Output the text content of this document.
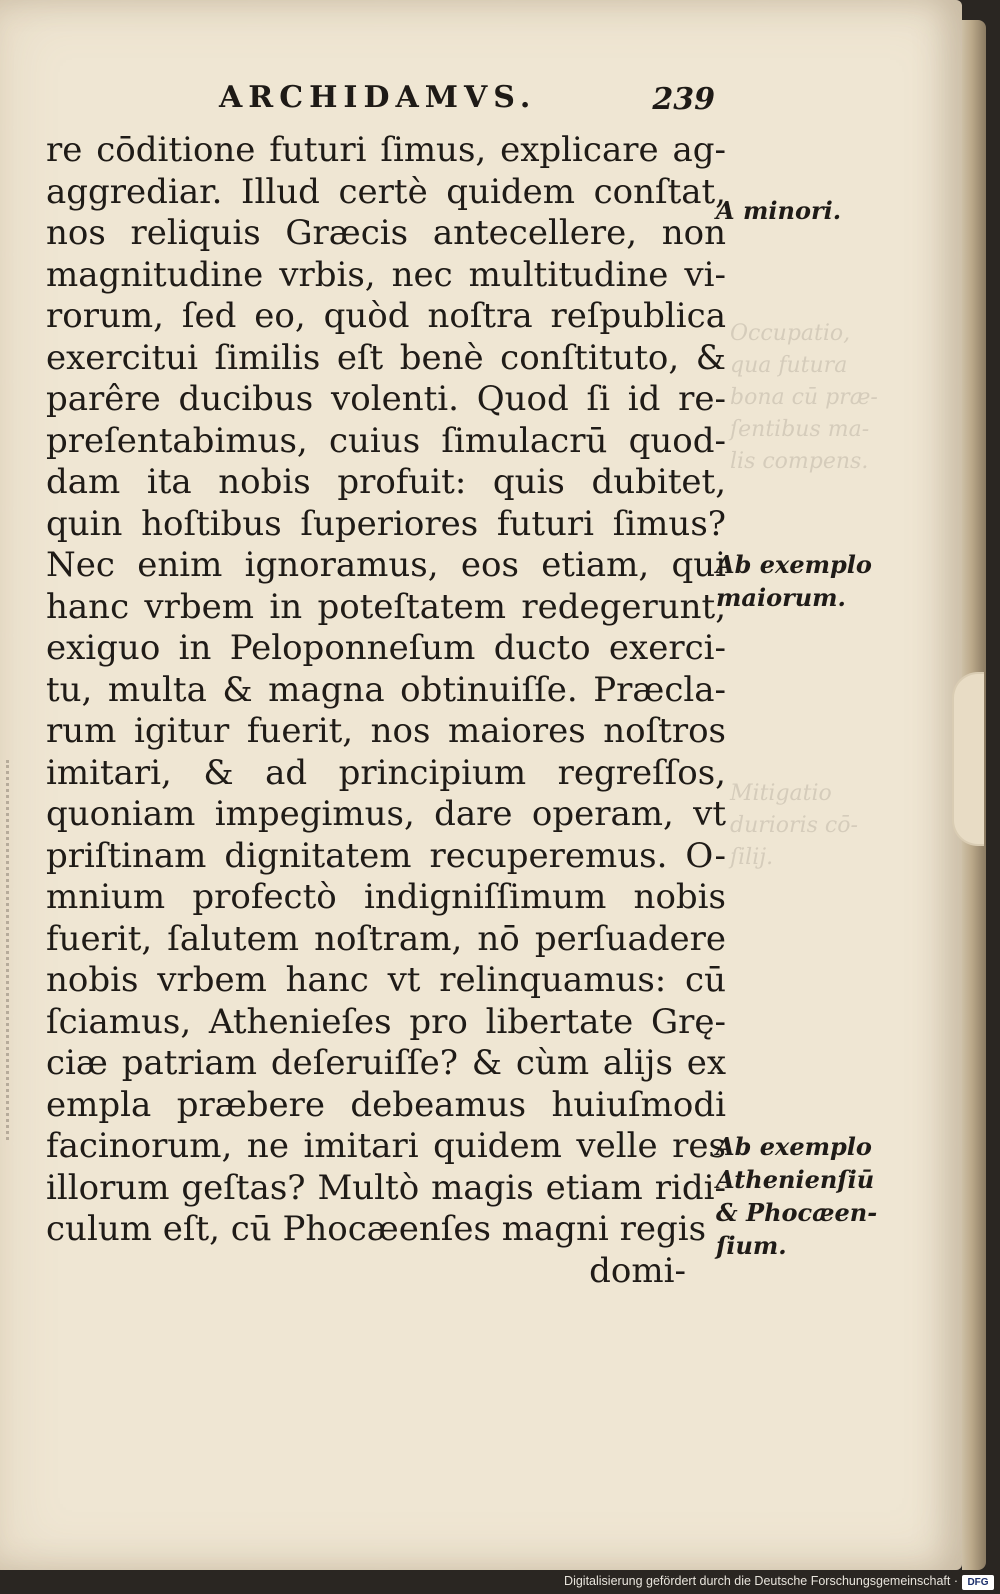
ARCHIDAMVS.	239
re cōditione futuri ſimus, explicare ag-
aggrediar. Illud certè quidem conſtat,
nos reliquis Græcis antecellere, non
magnitudine vrbis, nec multitudine vi-
rorum, ſed eo, quòd noſtra reſpublica
exercitui ſimilis eſt benè conſtituto, &
parêre ducibus volenti. Quod ſi id re-
preſentabimus, cuius ſimulacrū quod-
dam ita nobis profuit: quis dubitet,
quin hoſtibus ſuperiores futuri ſimus?
Nec enim ignoramus, eos etiam, qui
hanc vrbem in poteſtatem redegerunt,
exiguo in Peloponneſum ducto exerci-
tu, multa & magna obtinuiſſe. Præcla-
rum igitur fuerit, nos maiores noſtros
imitari, & ad principium regreſſos,
quoniam impegimus, dare operam, vt
priſtinam dignitatem recuperemus. O-
mnium profectò indigniſſimum nobis
fuerit, ſalutem noſtram, nō perſuadere
nobis vrbem hanc vt relinquamus: cū
ſciamus, Athenieſes pro libertate Grę-
ciæ patriam deſeruiſſe? & cùm alijs ex
empla præbere debeamus huiuſmodi
facinorum, ne imitari quidem velle res
illorum geſtas? Multò magis etiam ridi-
culum eſt, cū Phocæenſes magni regis
domi-
A minori.
Ab exemplo
maiorum.
Ab exemplo
Athenienſiū
& Phocæen-
ſium.
Occupatio,
qua futura
bona cū præ-
ſentibus ma-
lis compens.
Mitigatio
durioris cō-
ſilij.
Digitalisierung gefördert durch die Deutsche Forschungsgemeinschaft · DFG
